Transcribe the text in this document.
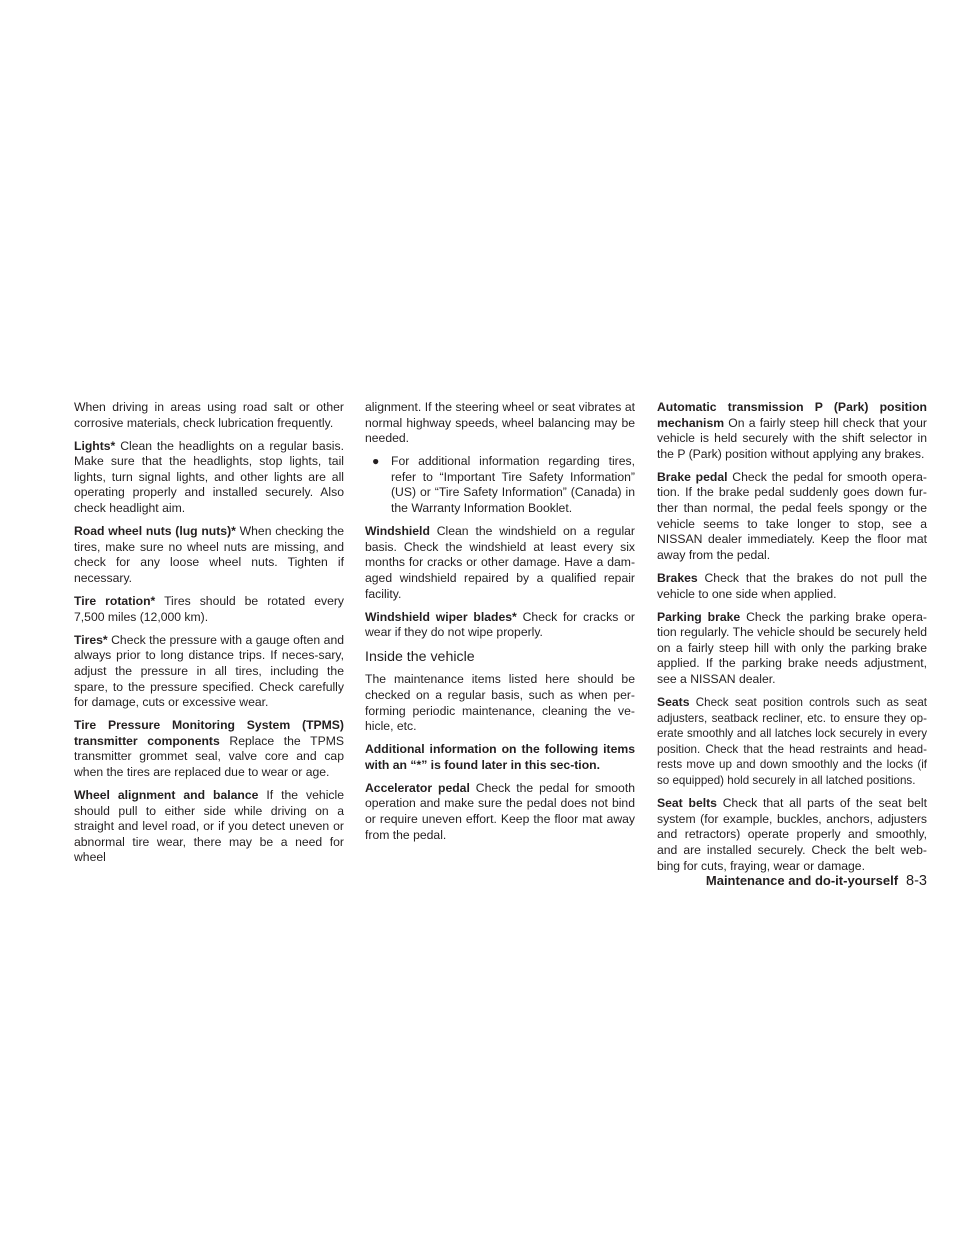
When driving in areas using road salt or other corrosive materials, check lubrication frequently.

Lights* Clean the headlights on a regular basis. Make sure that the headlights, stop lights, tail lights, turn signal lights, and other lights are all operating properly and installed securely. Also check headlight aim.

Road wheel nuts (lug nuts)* When checking the tires, make sure no wheel nuts are missing, and check for any loose wheel nuts. Tighten if necessary.

Tire rotation* Tires should be rotated every 7,500 miles (12,000 km).

Tires* Check the pressure with a gauge often and always prior to long distance trips. If neces-sary, adjust the pressure in all tires, including the spare, to the pressure specified. Check carefully for damage, cuts or excessive wear.

Tire Pressure Monitoring System (TPMS) transmitter components Replace the TPMS transmitter grommet seal, valve core and cap when the tires are replaced due to wear or age.

Wheel alignment and balance If the vehicle should pull to either side while driving on a straight and level road, or if you detect uneven or abnormal tire wear, there may be a need for wheel

alignment. If the steering wheel or seat vibrates at normal highway speeds, wheel balancing may be needed.

● For additional information regarding tires, refer to “Important Tire Safety Information” (US) or “Tire Safety Information” (Canada) in the Warranty Information Booklet.

Windshield Clean the windshield on a regular basis. Check the windshield at least every six months for cracks or other damage. Have a dam-aged windshield repaired by a qualified repair facility.

Windshield wiper blades* Check for cracks or wear if they do not wipe properly.

Inside the vehicle

The maintenance items listed here should be checked on a regular basis, such as when per-forming periodic maintenance, cleaning the ve-hicle, etc.

Additional information on the following items with an “*” is found later in this sec-tion.

Accelerator pedal Check the pedal for smooth operation and make sure the pedal does not bind or require uneven effort. Keep the floor mat away from the pedal.

Automatic transmission P (Park) position mechanism On a fairly steep hill check that your vehicle is held securely with the shift selector in the P (Park) position without applying any brakes.

Brake pedal Check the pedal for smooth opera-tion. If the brake pedal suddenly goes down fur-ther than normal, the pedal feels spongy or the vehicle seems to take longer to stop, see a NISSAN dealer immediately. Keep the floor mat away from the pedal.

Brakes Check that the brakes do not pull the vehicle to one side when applied.

Parking brake Check the parking brake opera-tion regularly. The vehicle should be securely held on a fairly steep hill with only the parking brake applied. If the parking brake needs adjustment, see a NISSAN dealer.

Seats Check seat position controls such as seat adjusters, seatback recliner, etc. to ensure they op-erate smoothly and all latches lock securely in every position. Check that the head restraints and head-rests move up and down smoothly and the locks (if so equipped) hold securely in all latched positions.

Seat belts Check that all parts of the seat belt system (for example, buckles, anchors, adjusters and retractors) operate properly and smoothly, and are installed securely. Check the belt web-bing for cuts, fraying, wear or damage.

Maintenance and do-it-yourself 8-3
